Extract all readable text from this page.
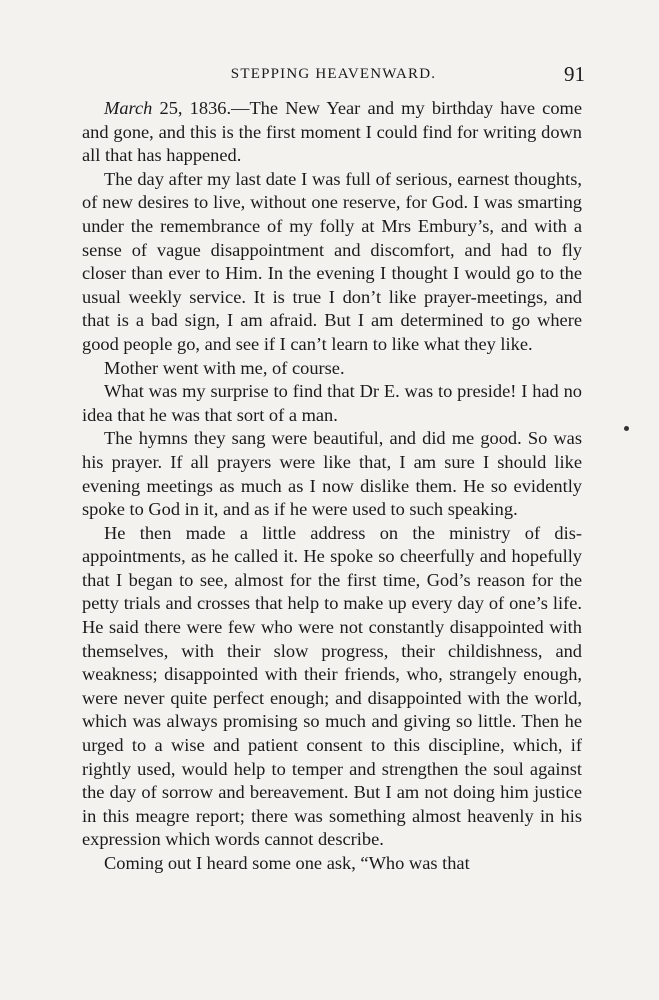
STEPPING HEAVENWARD.	91

March 25, 1836.—The New Year and my birthday have come and gone, and this is the first moment I could find for writing down all that has happened.

The day after my last date I was full of serious, earnest thoughts, of new desires to live, without one reserve, for God. I was smarting under the remembrance of my folly at Mrs Embury’s, and with a sense of vague disappointment and discomfort, and had to fly closer than ever to Him. In the evening I thought I would go to the usual weekly service. It is true I don’t like prayer-meetings, and that is a bad sign, I am afraid. But I am determined to go where good people go, and see if I can’t learn to like what they like.

Mother went with me, of course.

What was my surprise to find that Dr E. was to preside! I had no idea that he was that sort of a man.

The hymns they sang were beautiful, and did me good. So was his prayer. If all prayers were like that, I am sure I should like evening meetings as much as I now dislike them. He so evidently spoke to God in it, and as if he were used to such speaking.

He then made a little address on the ministry of disappointments, as he called it. He spoke so cheerfully and hopefully that I began to see, almost for the first time, God’s reason for the petty trials and crosses that help to make up every day of one’s life. He said there were few who were not constantly disappointed with themselves, with their slow progress, their childishness, and weakness; disappointed with their friends, who, strangely enough, were never quite perfect enough; and disappointed with the world, which was always promising so much and giving so little. Then he urged to a wise and patient consent to this discipline, which, if rightly used, would help to temper and strengthen the soul against the day of sorrow and bereavement. But I am not doing him justice in this meagre report; there was something almost heavenly in his expression which words cannot describe.

Coming out I heard some one ask, “Who was that
